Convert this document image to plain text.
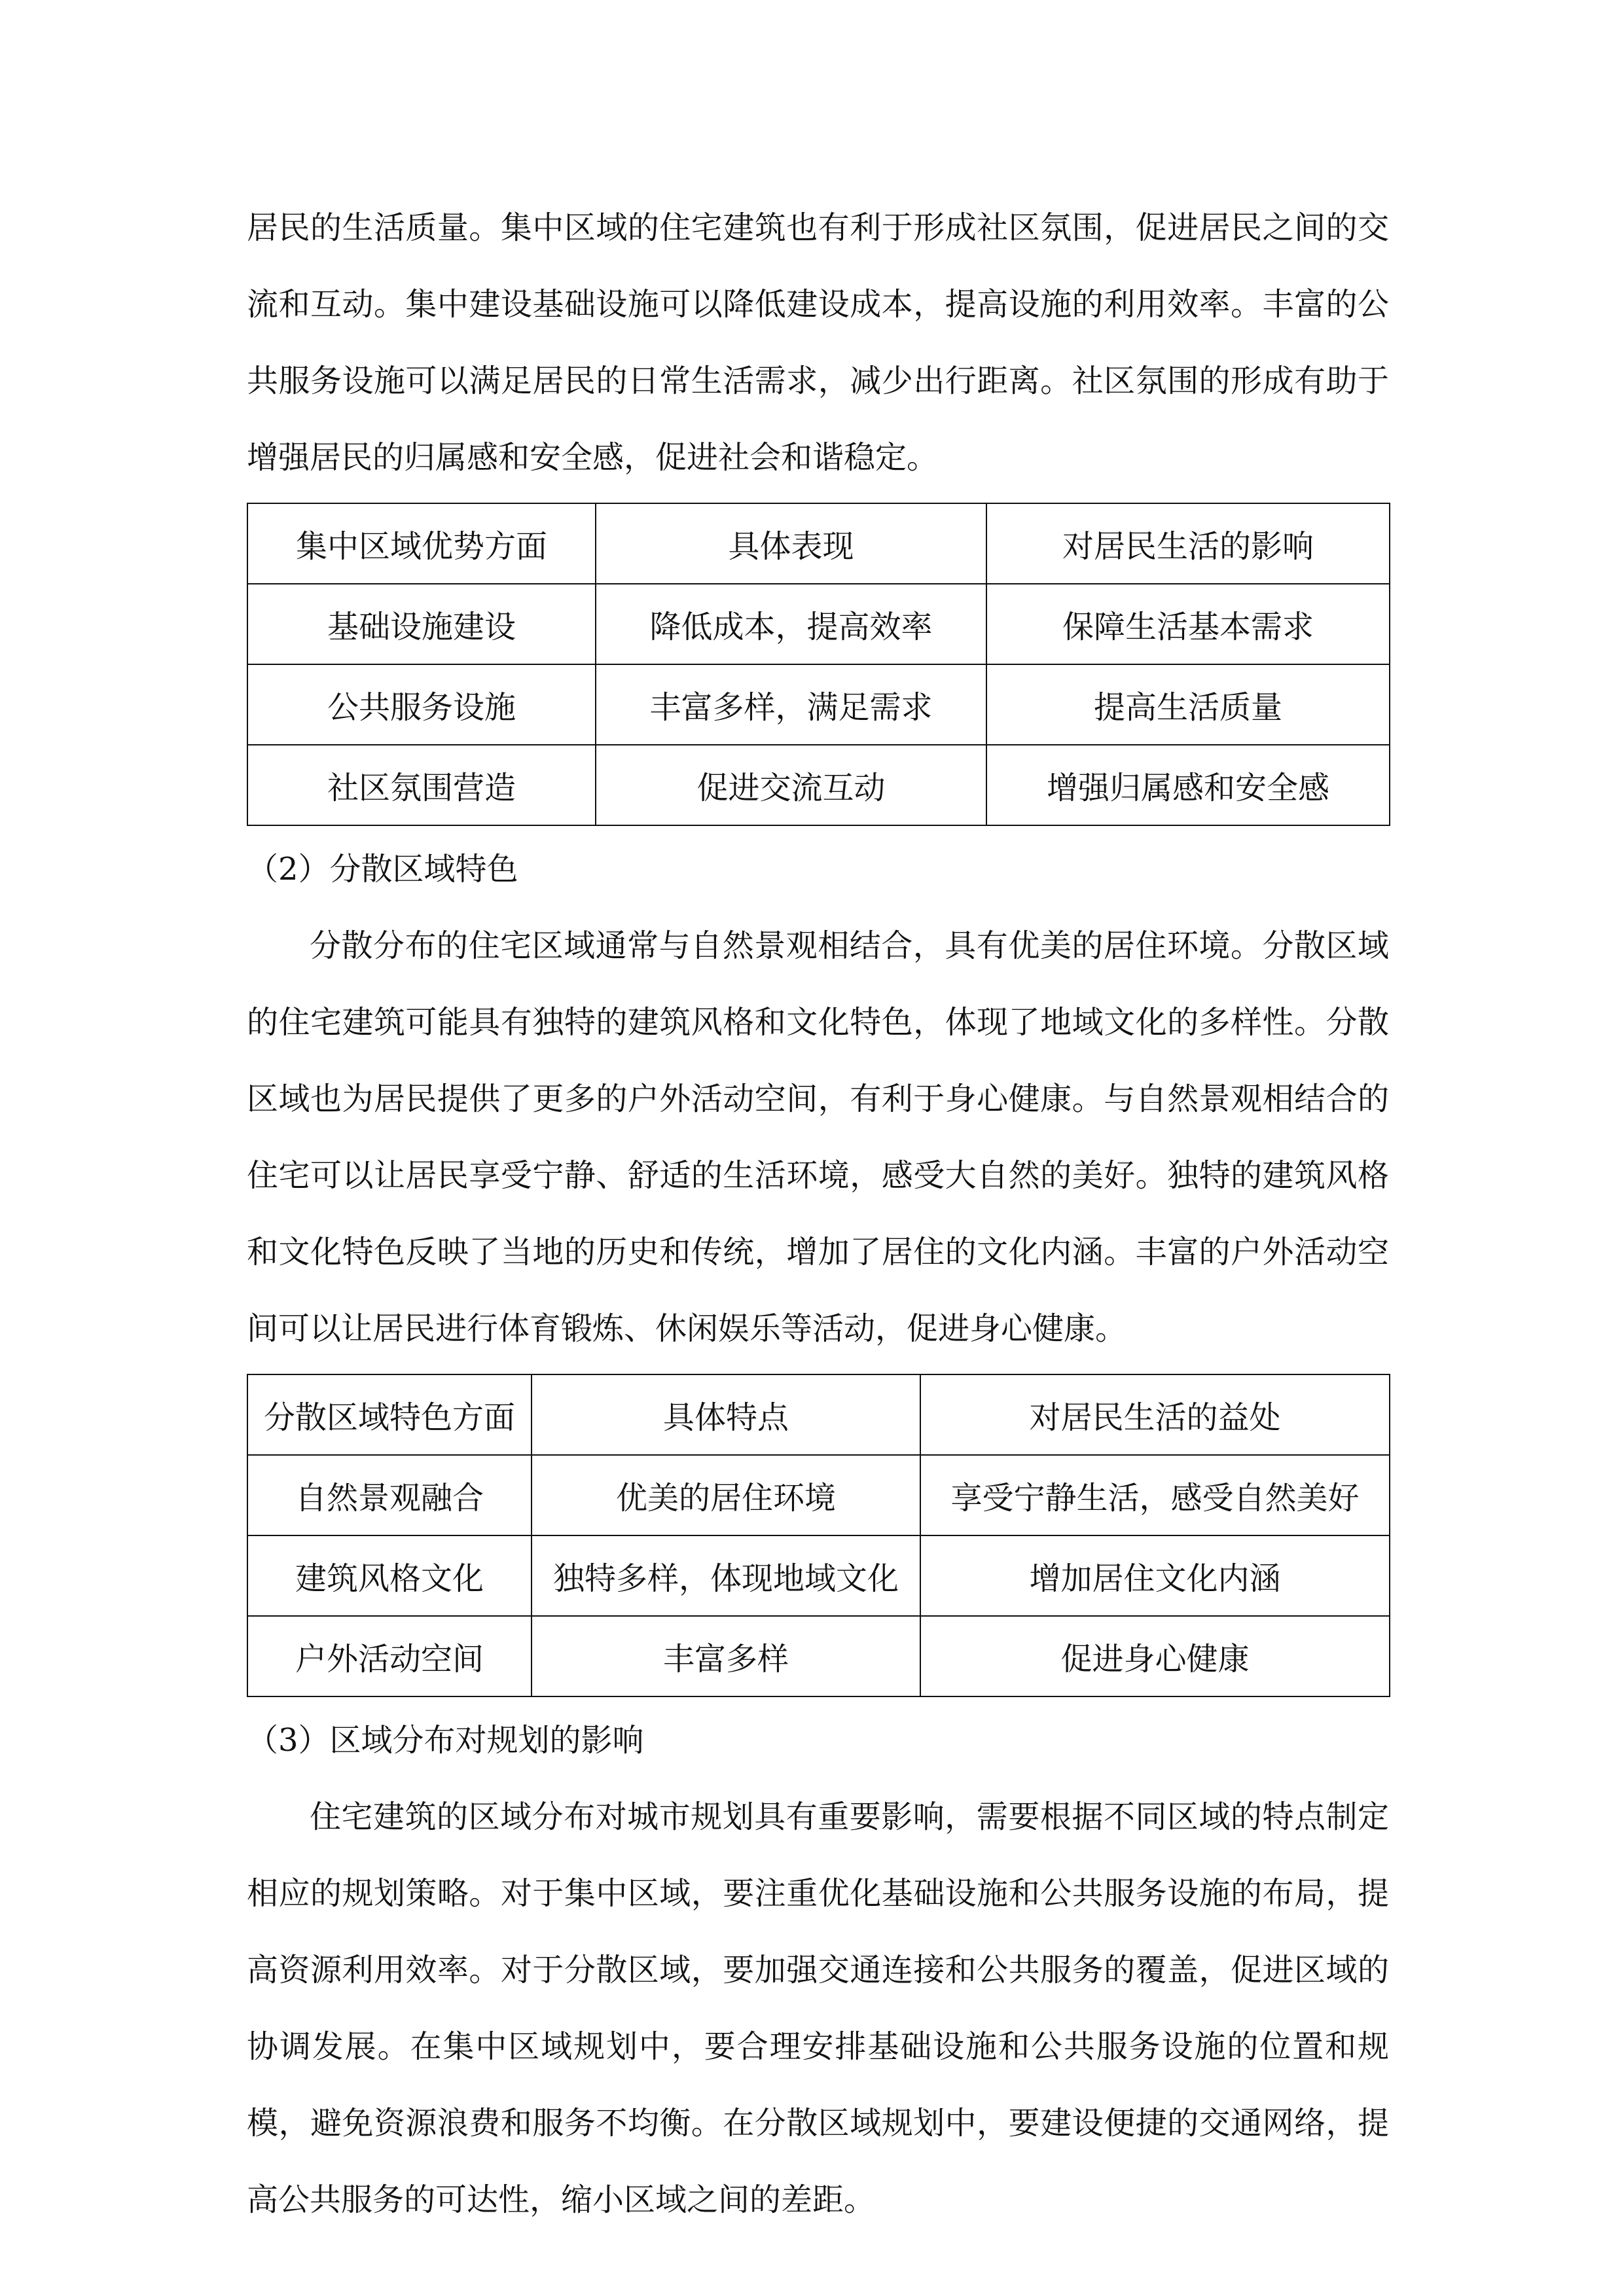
居民的生活质量。集中区域的住宅建筑也有利于形成社区氛围，促进居民之间的交流和互动。集中建设基础设施可以降低建设成本，提高设施的利用效率。丰富的公共服务设施可以满足居民的日常生活需求，减少出行距离。社区氛围的形成有助于增强居民的归属感和安全感，促进社会和谐稳定。

集中区域优势方面	具体表现	对居民生活的影响
基础设施建设	降低成本，提高效率	保障生活基本需求
公共服务设施	丰富多样，满足需求	提高生活质量
社区氛围营造	促进交流互动	增强归属感和安全感

（2）分散区域特色

分散分布的住宅区域通常与自然景观相结合，具有优美的居住环境。分散区域的住宅建筑可能具有独特的建筑风格和文化特色，体现了地域文化的多样性。分散区域也为居民提供了更多的户外活动空间，有利于身心健康。与自然景观相结合的住宅可以让居民享受宁静、舒适的生活环境，感受大自然的美好。独特的建筑风格和文化特色反映了当地的历史和传统，增加了居住的文化内涵。丰富的户外活动空间可以让居民进行体育锻炼、休闲娱乐等活动，促进身心健康。

分散区域特色方面	具体特点	对居民生活的益处
自然景观融合	优美的居住环境	享受宁静生活，感受自然美好
建筑风格文化	独特多样，体现地域文化	增加居住文化内涵
户外活动空间	丰富多样	促进身心健康

（3）区域分布对规划的影响

住宅建筑的区域分布对城市规划具有重要影响，需要根据不同区域的特点制定相应的规划策略。对于集中区域，要注重优化基础设施和公共服务设施的布局，提高资源利用效率。对于分散区域，要加强交通连接和公共服务的覆盖，促进区域的协调发展。在集中区域规划中，要合理安排基础设施和公共服务设施的位置和规模，避免资源浪费和服务不均衡。在分散区域规划中，要建设便捷的交通网络，提高公共服务的可达性，缩小区域之间的差距。
